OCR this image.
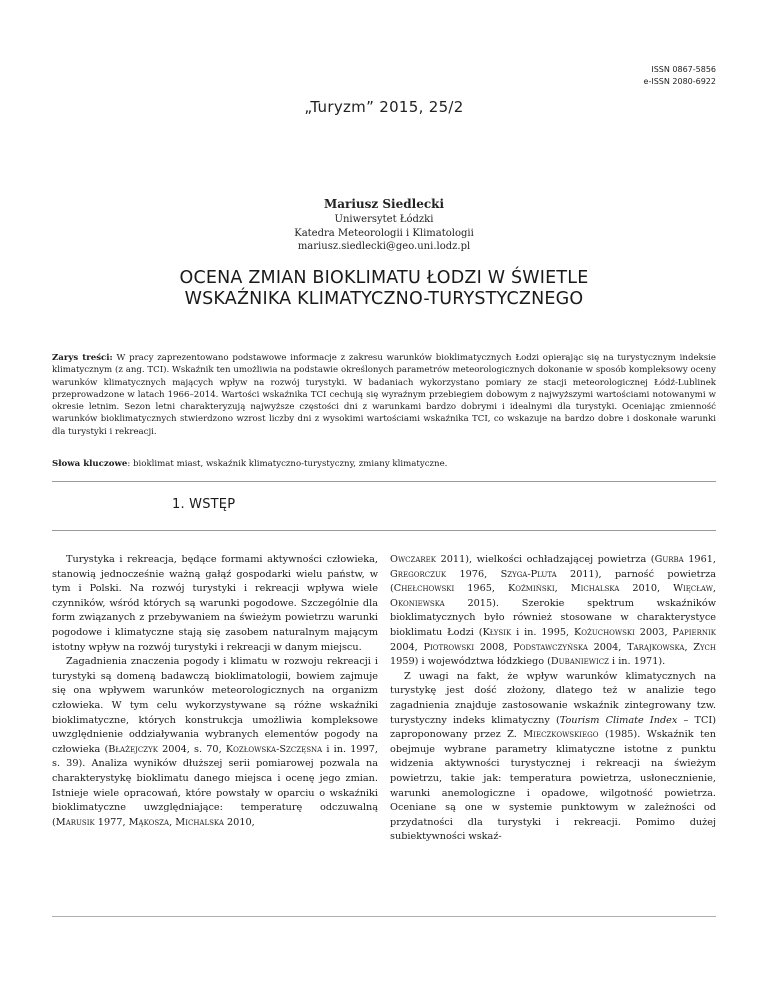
ISSN 0867-5856
e-ISSN 2080-6922
„Turyzm” 2015, 25/2
Mariusz Siedlecki
Uniwersytet Łódzki
Katedra Meteorologii i Klimatologii
mariusz.siedlecki@geo.uni.lodz.pl
OCENA ZMIAN BIOKLIMATU ŁODZI W ŚWIETLE
WSKAŹNIKA KLIMATYCZNO-TURYSTYCZNEGO
Zarys treści: W pracy zaprezentowano podstawowe informacje z zakresu warunków bioklimatycznych Łodzi opierając się na turystycznym indeksie klimatycznym (z ang. TCI). Wskaźnik ten umożliwia na podstawie określonych parametrów meteorologicznych dokonanie w sposób kompleksowy oceny warunków klimatycznych mających wpływ na rozwój turystyki. W badaniach wykorzystano pomiary ze stacji meteorologicznej Łódź-Lublinek przeprowadzone w latach 1966–2014. Wartości wskaźnika TCI cechują się wyraźnym przebiegiem dobowym z najwyższymi wartościami notowanymi w okresie letnim. Sezon letni charakteryzują najwyższe częstości dni z warunkami bardzo dobrymi i idealnymi dla turystyki. Oceniając zmienność warunków bioklimatycznych stwierdzono wzrost liczby dni z wysokimi wartościami wskaźnika TCI, co wskazuje na bardzo dobre i doskonałe warunki dla turystyki i rekreacji.
Słowa kluczowe: bioklimat miast, wskaźnik klimatyczno-turystyczny, zmiany klimatyczne.
1. WSTĘP

Turystyka i rekreacja, będące formami aktywności człowieka, stanowią jednocześnie ważną gałąź gospodarki wielu państw, w tym i Polski. Na rozwój turystyki i rekreacji wpływa wiele czynników, wśród których są warunki pogodowe. Szczególnie dla form związanych z przebywaniem na świeżym powietrzu warunki pogodowe i klimatyczne stają się zasobem naturalnym mającym istotny wpływ na rozwój turystyki i rekreacji w danym miejscu.

Zagadnienia znaczenia pogody i klimatu w rozwoju rekreacji i turystyki są domeną badawczą bioklimatologii, bowiem zajmuje się ona wpływem warunków meteorologicznych na organizm człowieka. W tym celu wykorzystywane są różne wskaźniki bioklimatyczne, których konstrukcja umożliwia kompleksowe uwzględnienie oddziaływania wybranych elementów pogody na człowieka (Błażejczyk 2004, s. 70, Kozłowska-Szczęsna i in. 1997, s. 39). Analiza wyników dłuższej serii pomiarowej pozwala na charakterystykę bioklimatu danego miejsca i ocenę jego zmian. Istnieje wiele opracowań, które powstały w oparciu o wskaźniki bioklimatyczne uwzględniające: temperaturę odczuwalną (Marusik 1977, Mąkosza, Michalska 2010,

Owczarek 2011), wielkości ochładzającej powietrza (Gurba 1961, Gregorczuk 1976, Szyga-Pluta 2011), parność powietrza (Chełchowski 1965, Koźmiński, Michalska 2010, Więcław, Okoniewska 2015). Szerokie spektrum wskaźników bioklimatycznych było również stosowane w charakterystyce bioklimatu Łodzi (Kłysik i in. 1995, Kożuchowski 2003, Papiernik 2004, Piotrowski 2008, Podstawczyńska 2004, Tarajkowska, Zych 1959) i województwa łódzkiego (Dubaniewicz i in. 1971).

Z uwagi na fakt, że wpływ warunków klimatycznych na turystykę jest dość złożony, dlatego też w analizie tego zagadnienia znajduje zastosowanie wskaźnik zintegrowany tzw. turystyczny indeks klimatyczny (Tourism Climate Index – TCI) zaproponowany przez Z. Mieczkowskiego (1985). Wskaźnik ten obejmuje wybrane parametry klimatyczne istotne z punktu widzenia aktywności turystycznej i rekreacji na świeżym powietrzu, takie jak: temperatura powietrza, usłonecznienie, warunki anemologiczne i opadowe, wilgotność powietrza. Oceniane są one w systemie punktowym w zależności od przydatności dla turystyki i rekreacji. Pomimo dużej subiektywności wskaź-
